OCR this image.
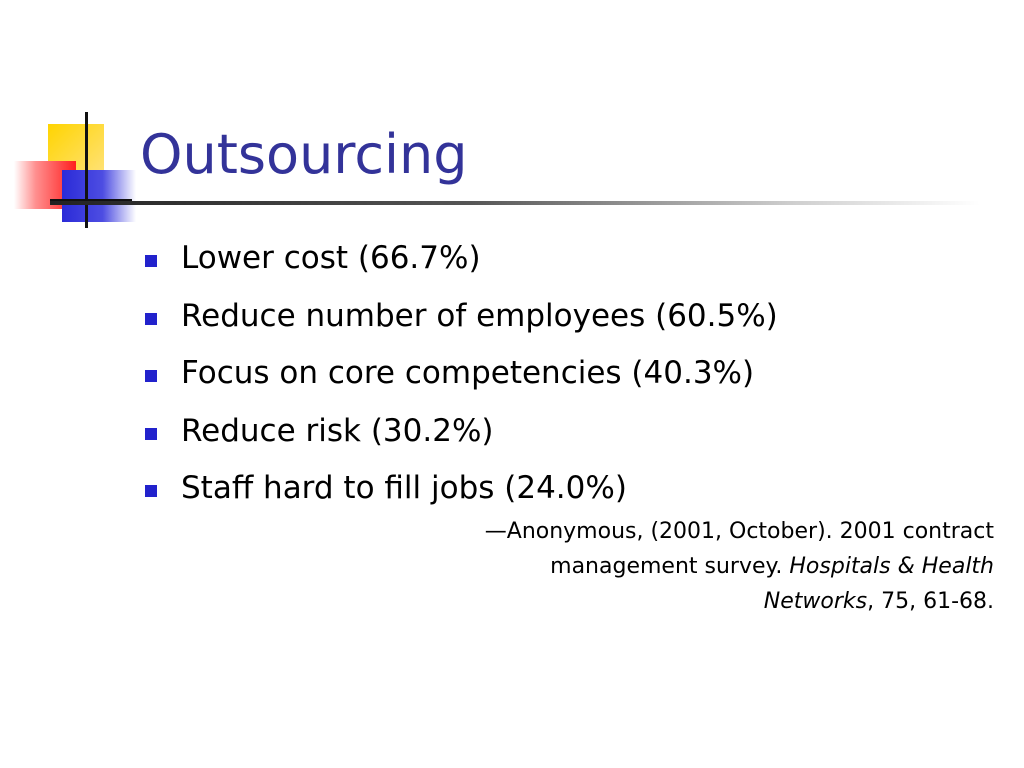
Outsourcing
Lower cost (66.7%)
Reduce number of employees (60.5%)
Focus on core competencies (40.3%)
Reduce risk (30.2%)
Staff hard to fill jobs (24.0%)
—Anonymous, (2001, October). 2001 contract
management survey. Hospitals & Health
Networks, 75, 61-68.
